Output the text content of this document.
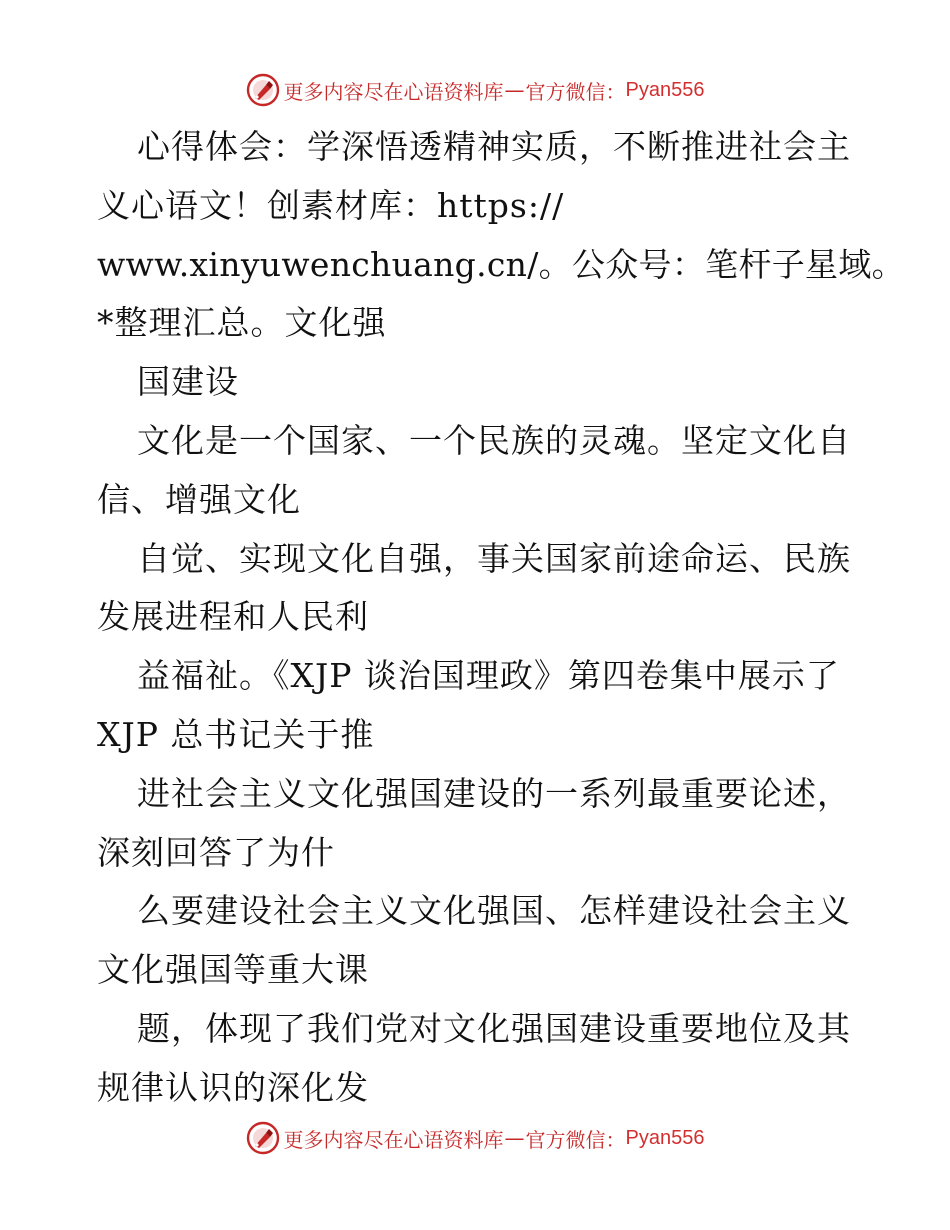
更多内容尽在心语资料库 — 官方微信： Pyan556
心得体会：学深悟透精神实质，不断推进社会主
义心语文！创素材库：https://
www.xinyuwenchuang.cn/。公众号：笔杆子星域。
*整理汇总。文化强
国建设
文化是一个国家、一个民族的灵魂。坚定文化自
信、增强文化
自觉、实现文化自强，事关国家前途命运、民族
发展进程和人民利
益福祉。《XJP 谈治国理政》第四卷集中展示了
XJP 总书记关于推
进社会主义文化强国建设的一系列最重要论述，
深刻回答了为什
么要建设社会主义文化强国、怎样建设社会主义
文化强国等重大课
题，体现了我们党对文化强国建设重要地位及其
规律认识的深化发
更多内容尽在心语资料库 — 官方微信： Pyan556
